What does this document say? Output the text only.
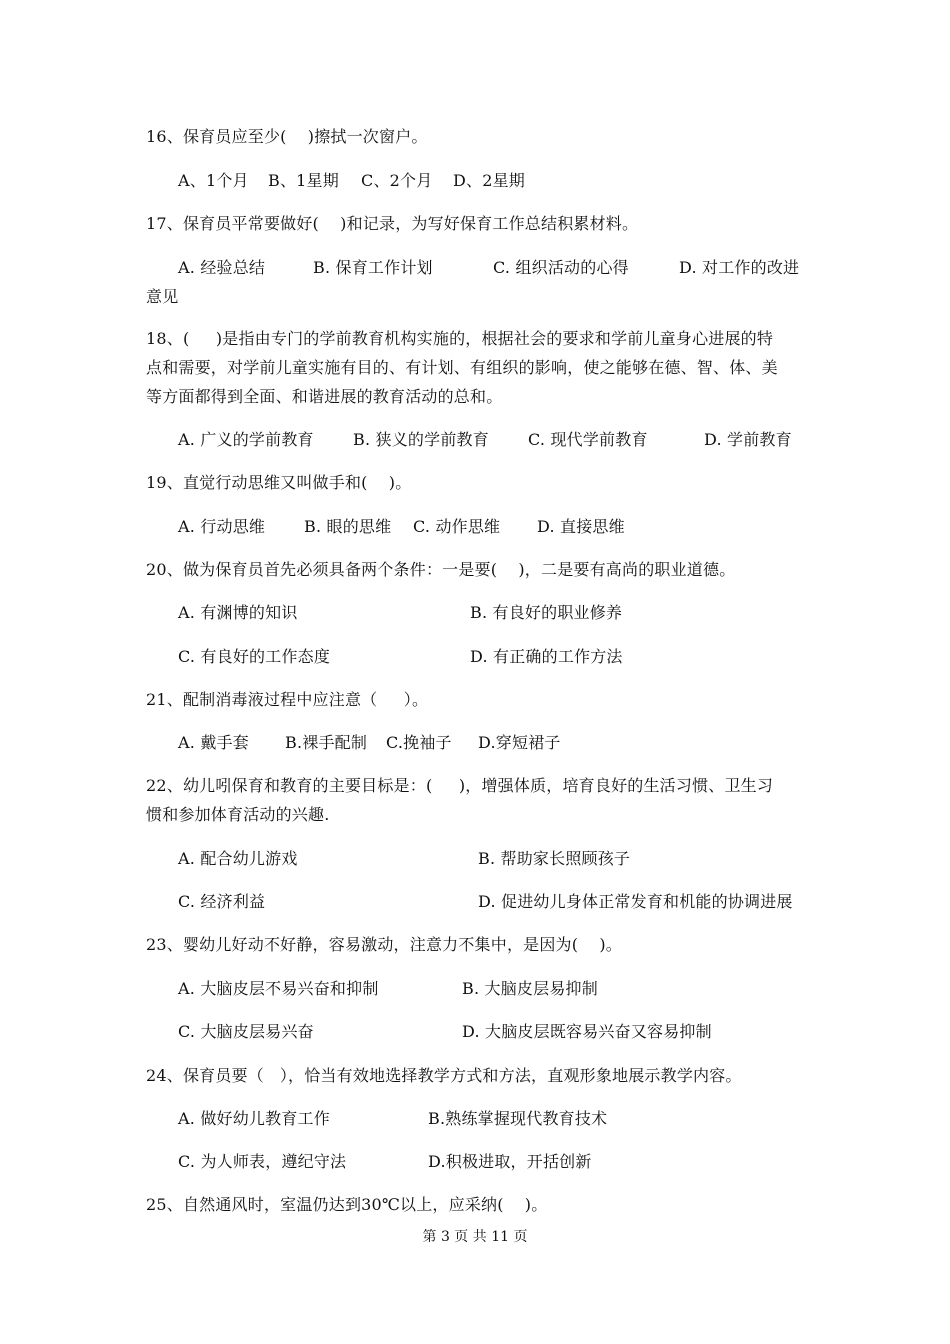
16、保育员应至少(    )擦拭一次窗户。
A、1个月 B、1星期 C、2个月 D、2星期
17、保育员平常要做好(    )和记录，为写好保育工作总结积累材料。
A. 经验总结	B. 保育工作计划	C. 组织活动的心得	D. 对工作的改进
意见
18、(     )是指由专门的学前教育机构实施的，根据社会的要求和学前儿童身心进展的特
点和需要，对学前儿童实施有目的、有计划、有组织的影响，使之能够在德、智、体、美
等方面都得到全面、和谐进展的教育活动的总和。
A. 广义的学前教育 B. 狭义的学前教育 C. 现代学前教育	D. 学前教育
19、直觉行动思维又叫做手和(    )。
A. 行动思维 B. 眼的思维 C. 动作思维 D. 直接思维
20、做为保育员首先必须具备两个条件：一是要(    )，二是要有高尚的职业道德。
A. 有渊博的知识	B. 有良好的职业修养
C. 有良好的工作态度	D. 有正确的工作方法
21、配制消毒液过程中应注意（     ）。
A. 戴手套 B.裸手配制 C.挽袖子 D.穿短裙子
22、幼儿吲保育和教育的主要目标是：(     )，增强体质，培育良好的生活习惯、卫生习
惯和参加体育活动的兴趣.
A. 配合幼儿游戏	B. 帮助家长照顾孩子
C. 经济利益	D. 促进幼儿身体正常发育和机能的协调进展
23、婴幼儿好动不好静，容易激动，注意力不集中，是因为(    )。
A. 大脑皮层不易兴奋和抑制	B. 大脑皮层易抑制
C. 大脑皮层易兴奋	D. 大脑皮层既容易兴奋又容易抑制
24、保育员要（   ），恰当有效地选择教学方式和方法，直观形象地展示教学内容。
A. 做好幼儿教育工作	B.熟练掌握现代教育技术
C. 为人师表，遵纪守法	D.积极进取，开括创新
25、自然通风时，室温仍达到30℃以上，应采纳(    )。
第 3 页 共 11 页
